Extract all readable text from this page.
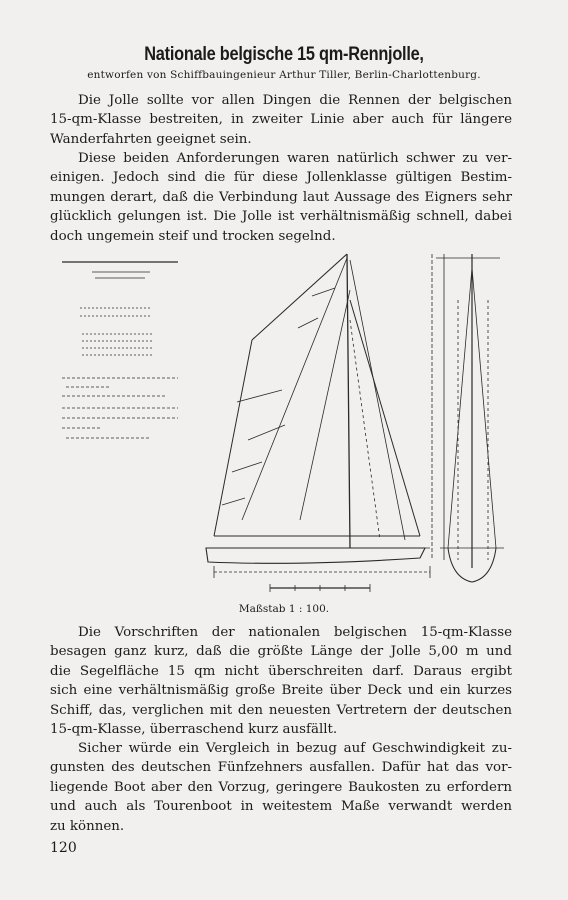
Nationale belgische 15 qm-Rennjolle,
entworfen von Schiffbauingenieur Arthur Tiller, Berlin-Charlottenburg.

Die Jolle sollte vor allen Dingen die Rennen der belgischen
15-qm-Klasse bestreiten, in zweiter Linie aber auch für längere
Wanderfahrten geeignet sein.

Diese beiden Anforderungen waren natürlich schwer zu ver-
einigen. Jedoch sind die für diese Jollenklasse gültigen Bestim-
mungen derart, daß die Verbindung laut Aussage des Eigners sehr
glücklich gelungen ist. Die Jolle ist verhältnismäßig schnell, dabei
doch ungemein steif und trocken segelnd.

Maßstab 1 : 100.

Die Vorschriften der nationalen belgischen 15-qm-Klasse
besagen ganz kurz, daß die größte Länge der Jolle 5,00 m und
die Segelfläche 15 qm nicht überschreiten darf. Daraus ergibt
sich eine verhältnismäßig große Breite über Deck und ein kurzes
Schiff, das, verglichen mit den neuesten Vertretern der deutschen
15-qm-Klasse, überraschend kurz ausfällt.

Sicher würde ein Vergleich in bezug auf Geschwindigkeit zu-
gunsten des deutschen Fünfzehners ausfallen. Dafür hat das vor-
liegende Boot aber den Vorzug, geringere Baukosten zu erfordern
und auch als Tourenboot in weitestem Maße verwandt werden
zu können.

120
